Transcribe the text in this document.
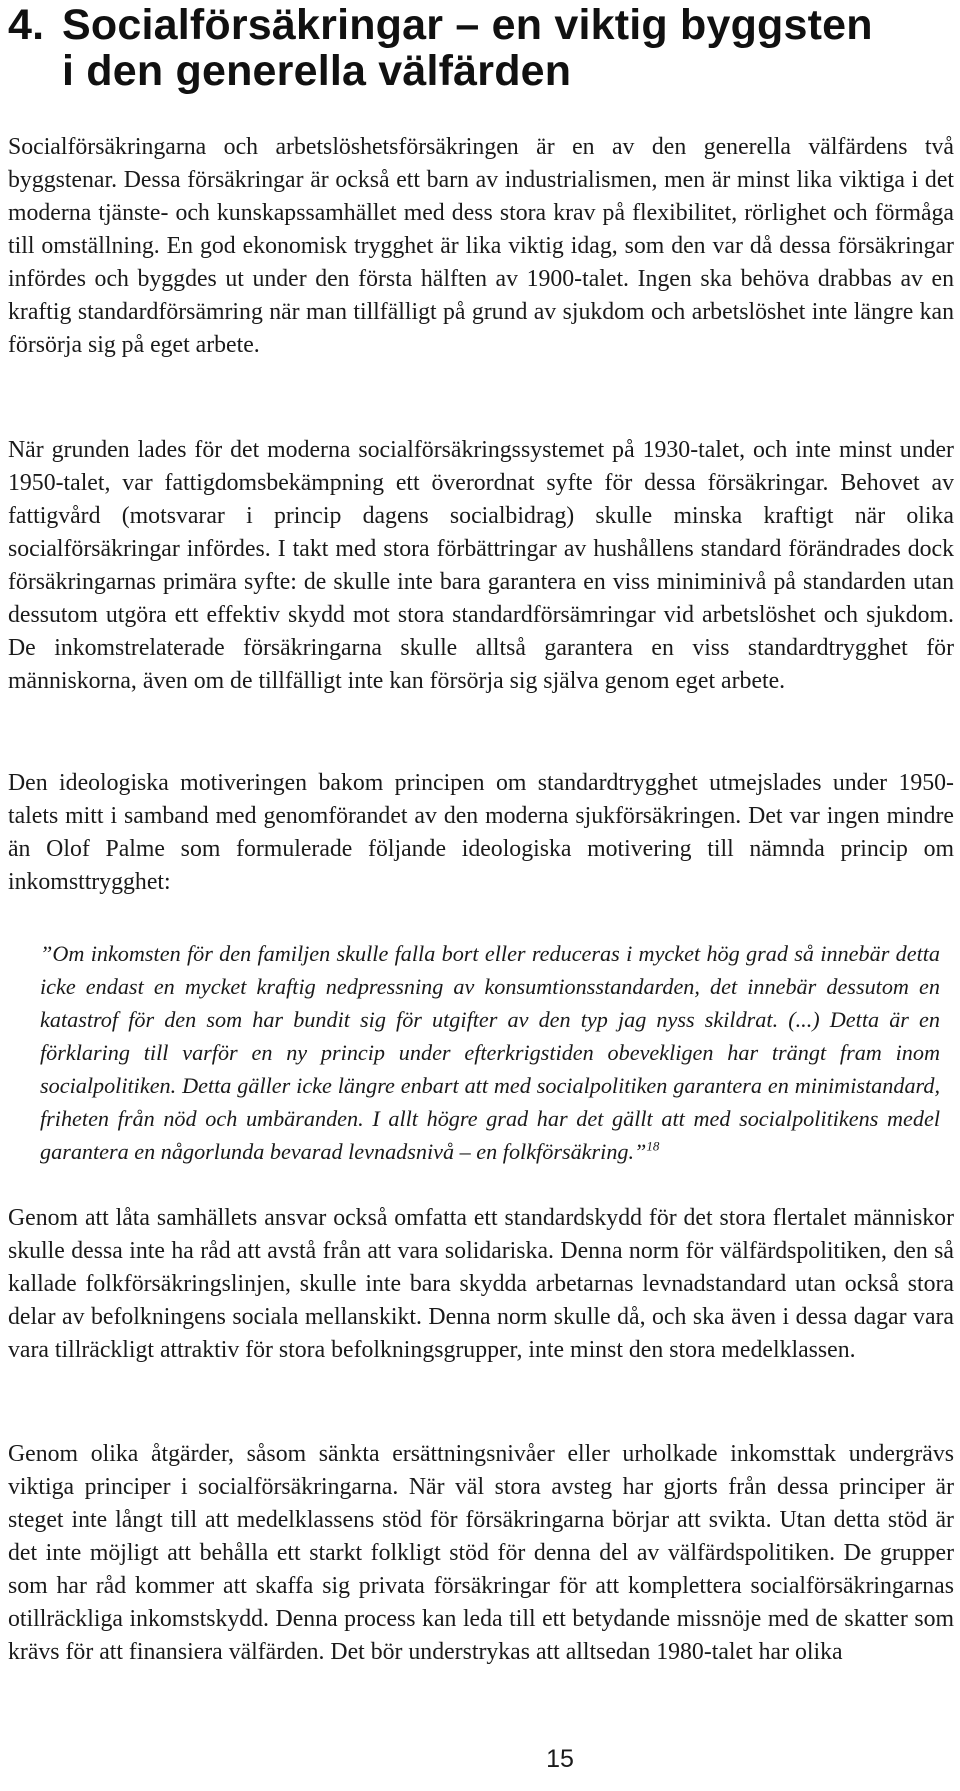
4. Socialförsäkringar – en viktig byggsten
i den generella välfärden

Socialförsäkringarna och arbetslöshetsförsäkringen är en av den generella välfärdens två byggstenar. Dessa försäkringar är också ett barn av industrialismen, men är minst lika viktiga i det moderna tjänste- och kunskapssamhället med dess stora krav på flexibilitet, rörlighet och förmåga till omställning. En god ekonomisk trygghet är lika viktig idag, som den var då dessa försäkringar infördes och byggdes ut under den första hälften av 1900-talet. Ingen ska behöva drabbas av en kraftig standardförsämring när man tillfälligt på grund av sjukdom och arbetslöshet inte längre kan försörja sig på eget arbete.

När grunden lades för det moderna socialförsäkringssystemet på 1930-talet, och inte minst under 1950-talet, var fattigdomsbekämpning ett överordnat syfte för dessa försäkringar. Behovet av fattigvård (motsvarar i princip dagens socialbidrag) skulle minska kraftigt när olika socialförsäkringar infördes. I takt med stora förbättringar av hushållens standard förändrades dock försäkringarnas primära syfte: de skulle inte bara garantera en viss miniminivå på standarden utan dessutom utgöra ett effektiv skydd mot stora standardförsämringar vid arbetslöshet och sjukdom. De inkomstrelaterade försäkringarna skulle alltså garantera en viss standardtrygghet för människorna, även om de tillfälligt inte kan försörja sig själva genom eget arbete.

Den ideologiska motiveringen bakom principen om standardtrygghet utmejslades under 1950-talets mitt i samband med genomförandet av den moderna sjukförsäkringen. Det var ingen mindre än Olof Palme som formulerade följande ideologiska motivering till nämnda princip om inkomsttrygghet:

”Om inkomsten för den familjen skulle falla bort eller reduceras i mycket hög grad så innebär detta icke endast en mycket kraftig nedpressning av konsumtionsstandarden, det innebär dessutom en katastrof för den som har bundit sig för utgifter av den typ jag nyss skildrat. (...) Detta är en förklaring till varför en ny princip under efterkrigstiden obevekligen har trängt fram inom socialpolitiken. Detta gäller icke längre enbart att med socialpolitiken garantera en minimistandard, friheten från nöd och umbäranden. I allt högre grad har det gällt att med socialpolitikens medel garantera en någorlunda bevarad levnadsnivå – en folkförsäkring.”$^{18}$

Genom att låta samhällets ansvar också omfatta ett standardskydd för det stora flertalet människor skulle dessa inte ha råd att avstå från att vara solidariska. Denna norm för välfärdspolitiken, den så kallade folkförsäkringslinjen, skulle inte bara skydda arbetarnas levnadstandard utan också stora delar av befolkningens sociala mellanskikt. Denna norm skulle då, och ska även i dessa dagar vara vara tillräckligt attraktiv för stora befolkningsgrupper, inte minst den stora medelklassen.

Genom olika åtgärder, såsom sänkta ersättningsnivåer eller urholkade inkomsttak undergrävs viktiga principer i socialförsäkringarna. När väl stora avsteg har gjorts från dessa principer är steget inte långt till att medelklassens stöd för försäkringarna börjar att svikta. Utan detta stöd är det inte möjligt att behålla ett starkt folkligt stöd för denna del av välfärdspolitiken. De grupper som har råd kommer att skaffa sig privata försäkringar för att komplettera socialförsäkringarnas otillräckliga inkomstskydd. Denna process kan leda till ett betydande missnöje med de skatter som krävs för att finansiera välfärden. Det bör understrykas att alltsedan 1980-talet har olika

15
